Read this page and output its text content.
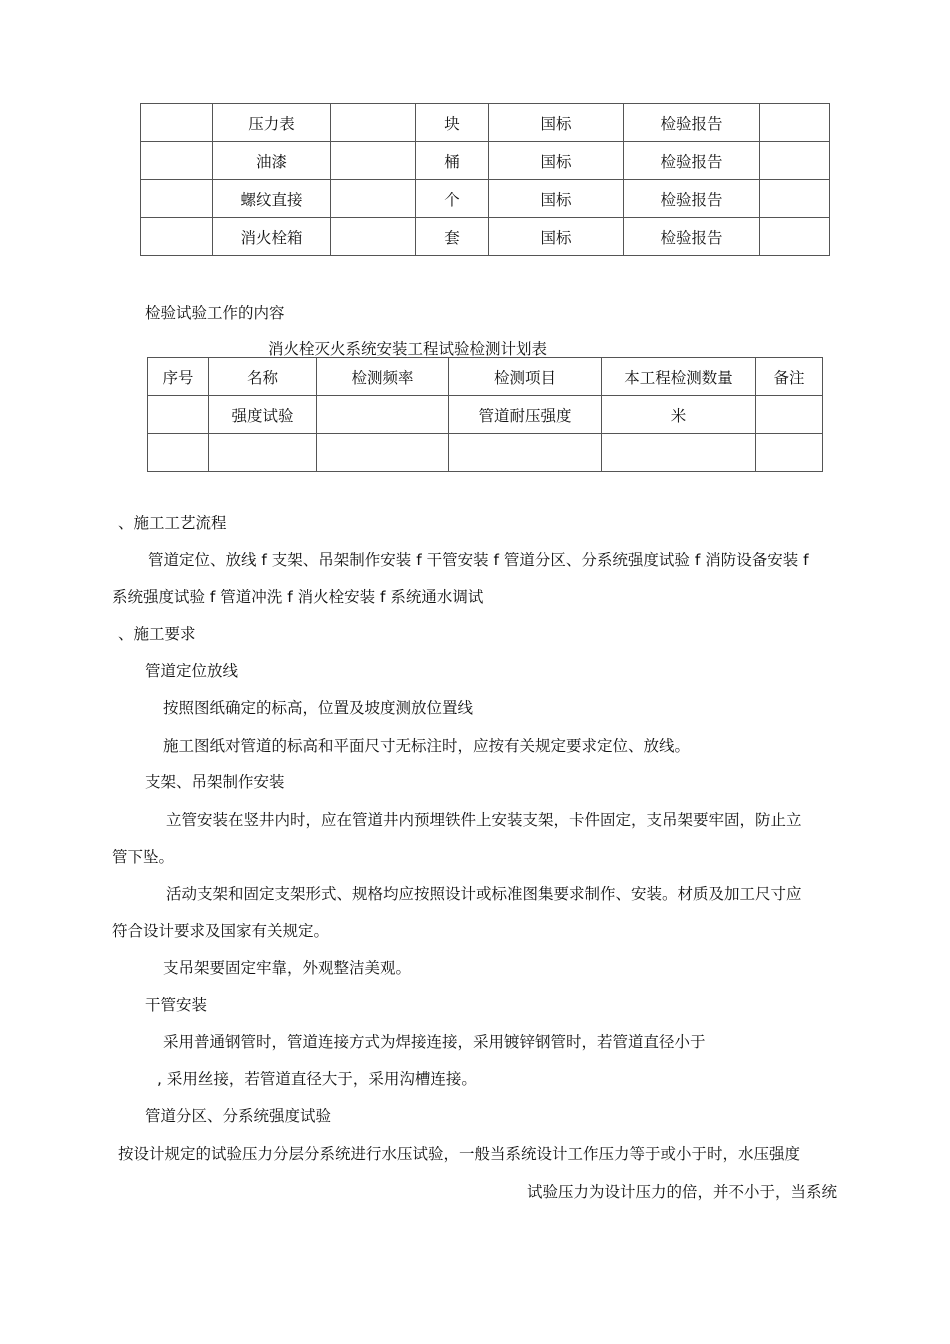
	压力表		块	国标	检验报告	
	油漆		桶	国标	检验报告	
	螺纹直接		个	国标	检验报告	
	消火栓箱		套	国标	检验报告	
检验试验工作的内容
消火栓灭火系统安装工程试验检测计划表
序号	名称	检测频率	检测项目	本工程检测数量	备注
	强度试验		管道耐压强度	米	

、施工工艺流程
管道定位、放线 f 支架、吊架制作安装 f 干管安装 f 管道分区、分系统强度试验 f 消防设备安装 f
系统强度试验 f 管道冲洗 f 消火栓安装 f 系统通水调试
、施工要求
管道定位放线
按照图纸确定的标高，位置及坡度测放位置线
施工图纸对管道的标高和平面尺寸无标注时，应按有关规定要求定位、放线。
支架、吊架制作安装
立管安装在竖井内时，应在管道井内预埋铁件上安装支架，卡件固定，支吊架要牢固，防止立
管下坠。
活动支架和固定支架形式、规格均应按照设计或标准图集要求制作、安装。材质及加工尺寸应
符合设计要求及国家有关规定。
支吊架要固定牢靠，外观整洁美观。
干管安装
采用普通钢管时，管道连接方式为焊接连接，采用镀锌钢管时，若管道直径小于
, 采用丝接，若管道直径大于，采用沟槽连接。
管道分区、分系统强度试验
按设计规定的试验压力分层分系统进行水压试验，一般当系统设计工作压力等于或小于时，水压强度
试验压力为设计压力的倍，并不小于，当系统
